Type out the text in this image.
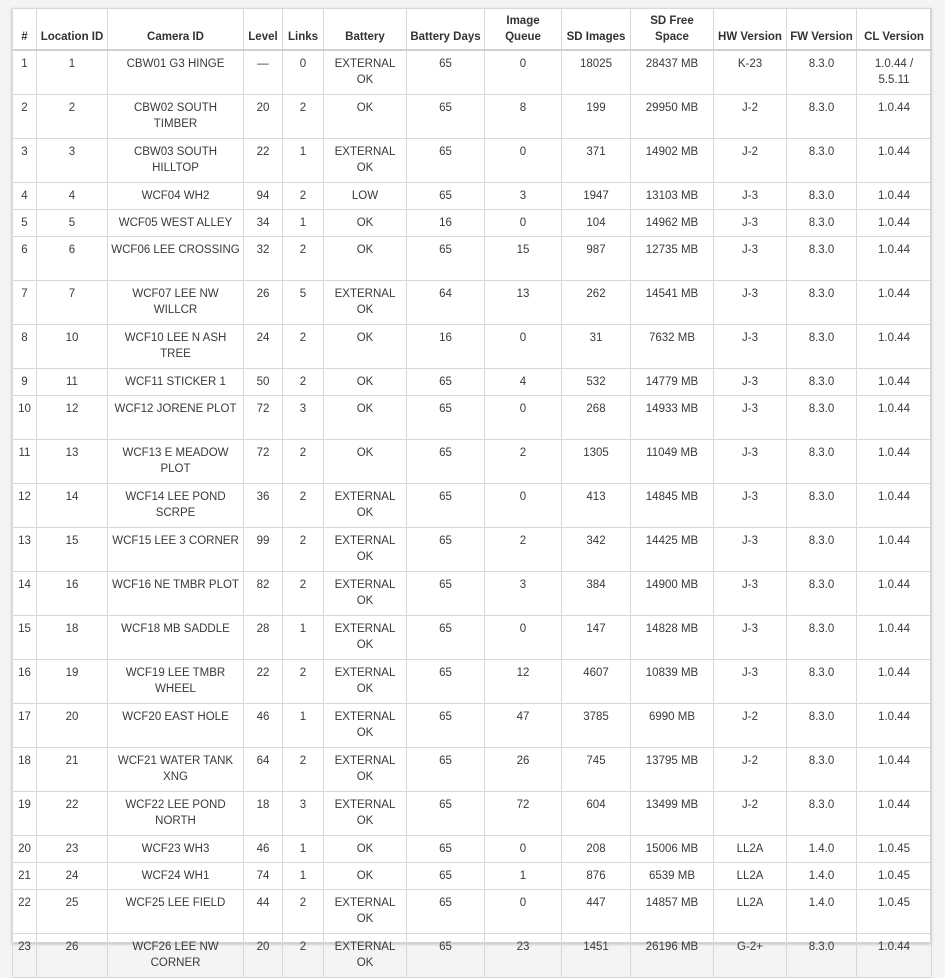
#	Location ID	Camera ID	Level	Links	Battery	Battery Days	Image Queue	SD Images	SD Free Space	HW Version	FW Version	CL Version
1	1	CBW01 G3 HINGE	—	0	EXTERNAL OK	65	0	18025	28437 MB	K-23	8.3.0	1.0.44 / 5.5.11
2	2	CBW02 SOUTH TIMBER	20	2	OK	65	8	199	29950 MB	J-2	8.3.0	1.0.44
3	3	CBW03 SOUTH HILLTOP	22	1	EXTERNAL OK	65	0	371	14902 MB	J-2	8.3.0	1.0.44
4	4	WCF04 WH2	94	2	LOW	65	3	1947	13103 MB	J-3	8.3.0	1.0.44
5	5	WCF05 WEST ALLEY	34	1	OK	16	0	104	14962 MB	J-3	8.3.0	1.0.44
6	6	WCF06 LEE CROSSING	32	2	OK	65	15	987	12735 MB	J-3	8.3.0	1.0.44
7	7	WCF07 LEE NW WILLCR	26	5	EXTERNAL OK	64	13	262	14541 MB	J-3	8.3.0	1.0.44
8	10	WCF10 LEE N ASH TREE	24	2	OK	16	0	31	7632 MB	J-3	8.3.0	1.0.44
9	11	WCF11 STICKER 1	50	2	OK	65	4	532	14779 MB	J-3	8.3.0	1.0.44
10	12	WCF12 JORENE PLOT	72	3	OK	65	0	268	14933 MB	J-3	8.3.0	1.0.44
11	13	WCF13 E MEADOW PLOT	72	2	OK	65	2	1305	11049 MB	J-3	8.3.0	1.0.44
12	14	WCF14 LEE POND SCRPE	36	2	EXTERNAL OK	65	0	413	14845 MB	J-3	8.3.0	1.0.44
13	15	WCF15 LEE 3 CORNER	99	2	EXTERNAL OK	65	2	342	14425 MB	J-3	8.3.0	1.0.44
14	16	WCF16 NE TMBR PLOT	82	2	EXTERNAL OK	65	3	384	14900 MB	J-3	8.3.0	1.0.44
15	18	WCF18 MB SADDLE	28	1	EXTERNAL OK	65	0	147	14828 MB	J-3	8.3.0	1.0.44
16	19	WCF19 LEE TMBR WHEEL	22	2	EXTERNAL OK	65	12	4607	10839 MB	J-3	8.3.0	1.0.44
17	20	WCF20 EAST HOLE	46	1	EXTERNAL OK	65	47	3785	6990 MB	J-2	8.3.0	1.0.44
18	21	WCF21 WATER TANK XNG	64	2	EXTERNAL OK	65	26	745	13795 MB	J-2	8.3.0	1.0.44
19	22	WCF22 LEE POND NORTH	18	3	EXTERNAL OK	65	72	604	13499 MB	J-2	8.3.0	1.0.44
20	23	WCF23 WH3	46	1	OK	65	0	208	15006 MB	LL2A	1.4.0	1.0.45
21	24	WCF24 WH1	74	1	OK	65	1	876	6539 MB	LL2A	1.4.0	1.0.45
22	25	WCF25 LEE FIELD	44	2	EXTERNAL OK	65	0	447	14857 MB	LL2A	1.4.0	1.0.45
23	26	WCF26 LEE NW CORNER	20	2	EXTERNAL OK	65	23	1451	26196 MB	G-2+	8.3.0	1.0.44
